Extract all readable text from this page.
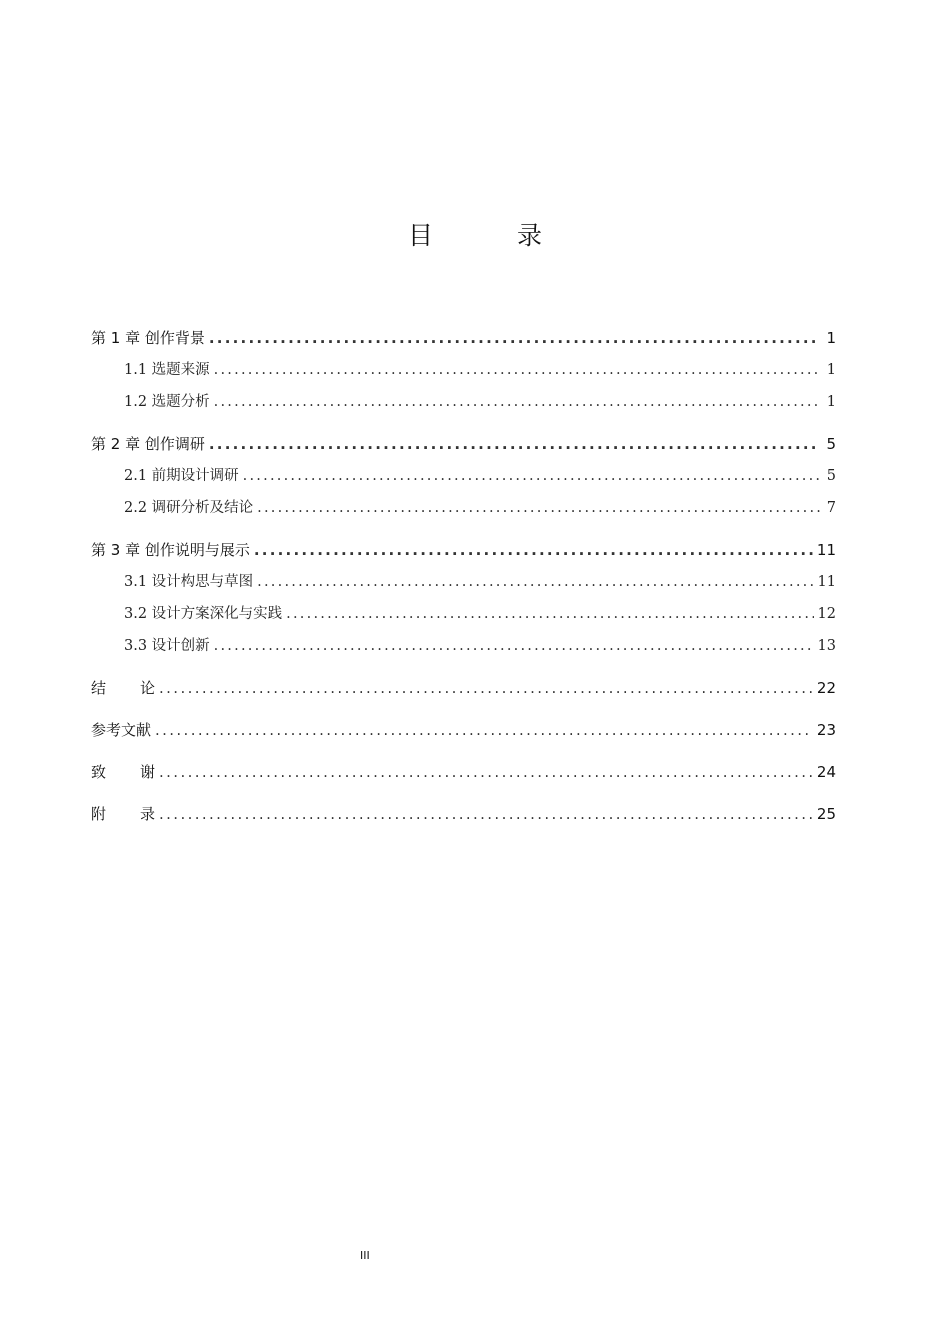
目 录
第 1 章 创作背景 . . .	1
1.1 选题来源 . . .	1
1.2 选题分析 . . .	1
第 2 章 创作调研 . . .	5
2.1 前期设计调研 . . .	5
2.2 调研分析及结论 . . .	7
第 3 章 创作说明与展示 . . .	11
3.1 设计构思与草图 . . .	11
3.2 设计方案深化与实践 . . .	12
3.3 设计创新 . . .	13
结论 . . .	22
参考文献 . . .	23
致谢 . . .	24
附录 . . .	25
III
